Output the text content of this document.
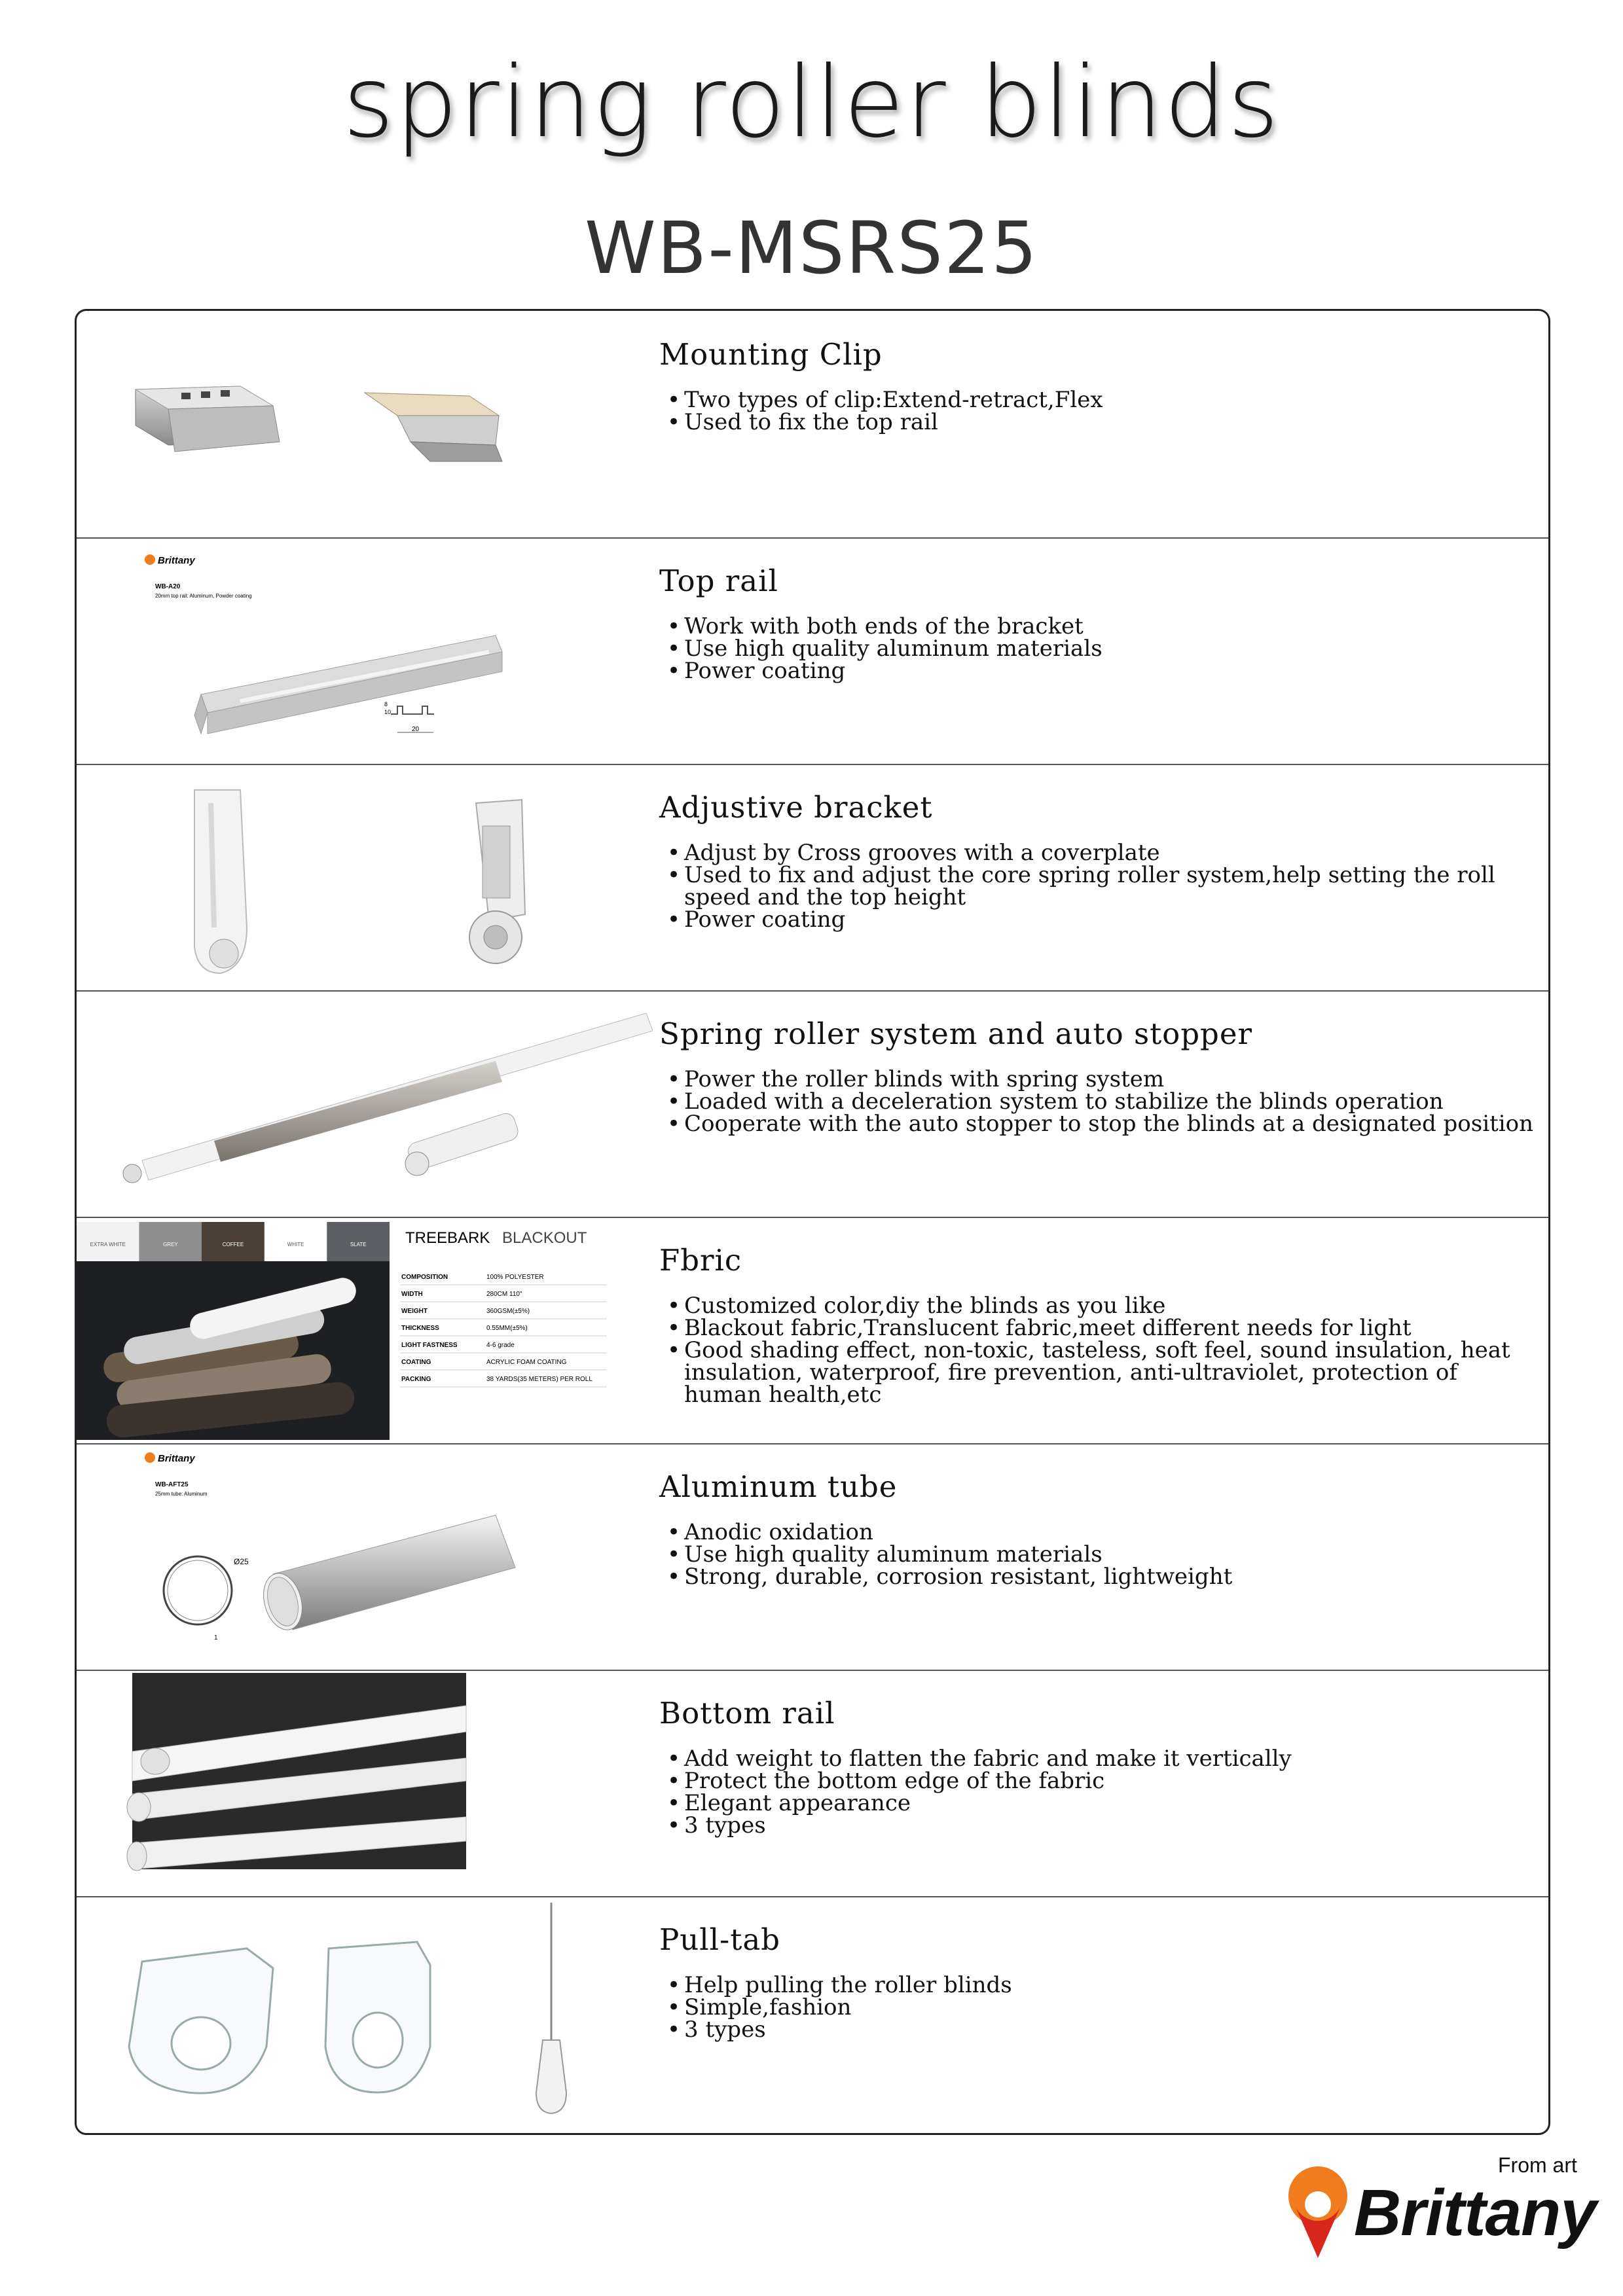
spring roller blinds
WB-MSRS25
Mounting Clip
• Two types of clip:Extend-retract,Flex
• Used to fix the top rail
Brittany
WB-A20
20mm top rail: Aluminum, Powder coating
20
10
8
Top rail
• Work with both ends of the bracket
• Use high quality aluminum materials
• Power coating
Adjustive bracket
• Adjust by Cross grooves with a coverplate
• Used to fix and adjust the core spring roller system,help setting the roll speed and the top height
• Power coating
Spring roller system and auto stopper
• Power the roller blinds with spring system
• Loaded with a deceleration system to stabilize the blinds operation
• Cooperate with the auto stopper to stop the blinds at a designated position
EXTRA WHITE	GREY	COFFEE	WHITE	SLATE TREEBARK BLACKOUT
COMPOSITION	100% POLYESTER
WIDTH	280CM 110"
WEIGHT	360GSM(±5%)
THICKNESS	0.55MM(±5%)
LIGHT FASTNESS	4-6 grade
COATING	ACRYLIC FOAM COATING
PACKING	38 YARDS(35 METERS) PER ROLL
Fbric
• Customized color,diy the blinds as you like
• Blackout fabric,Translucent fabric,meet different needs for light
• Good shading effect, non-toxic, tasteless, soft feel, sound insulation, heat insulation, waterproof, fire prevention, anti-ultraviolet, protection of human health,etc
Brittany
WB-AFT25
25mm tube: Aluminum
Ø25
1
Aluminum tube
• Anodic oxidation
• Use high quality aluminum materials
• Strong, durable, corrosion resistant, lightweight
Bottom rail
• Add weight to flatten the fabric and make it vertically
• Protect the bottom edge of the fabric
• Elegant appearance
• 3 types
Pull-tab
• Help pulling the roller blinds
• Simple,fashion
• 3 types
From art
Brittany
